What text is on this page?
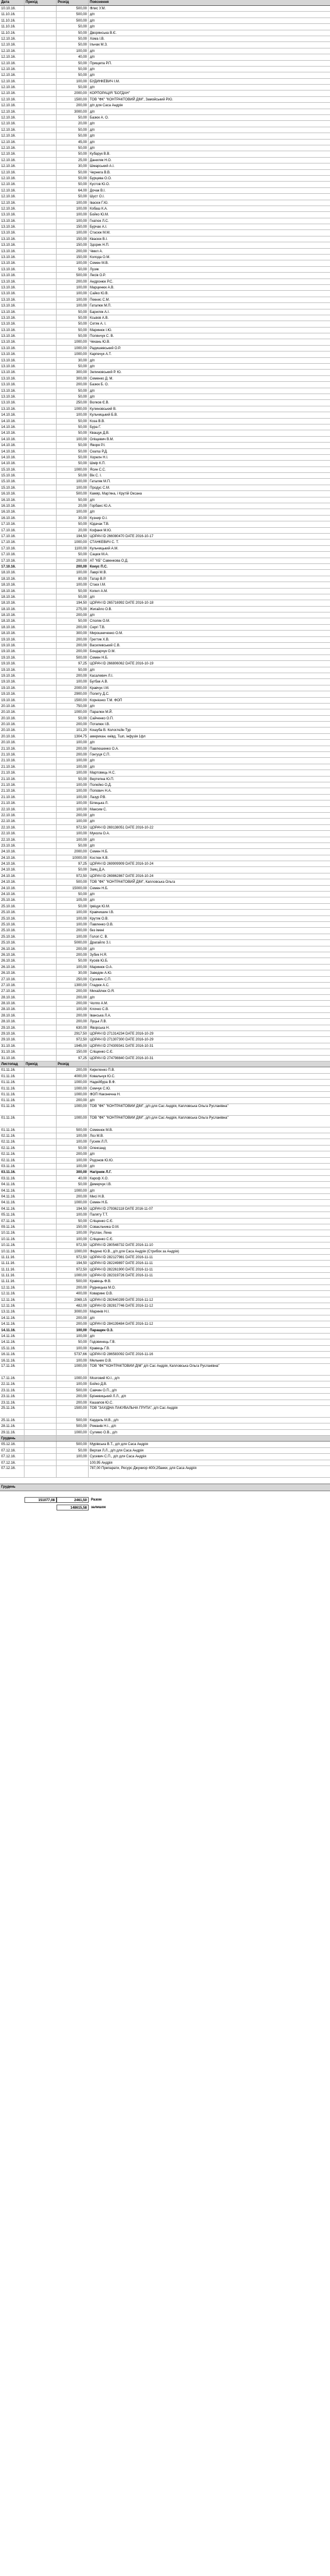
Дата	Прихід	Розхід	Пояснення
10.10.16.	500,00 Флис У.М.
11.10.16.	500,00 д/п
11.10.16.	500,00 д/п
11.10.16.	50,00 д/п
11.10.16.	50,00 Дворянська В.Є.
12.10.16.	50,00 Хома І.В.
12.10.16.	50,00 Ільчак М.З.
12.10.16.	100,00 д/п
12.10.16.	40,00 д/п
12.10.16.	50,00 Прищепа Р.П.
12.10.16.	50,00 д/п
12.10.16.	50,00 д/п
12.10.16.	100,00 БУДИНКЕВИЧ І.М.
12.10.16.	50,00 д/п
12.10.16.	2000,00 КОРПОРАЦІЯ "БОГДАН"
12.10.16.	1500,00 ТОВ "ФК" "КОНТРАКТОВИЙ ДІМ", Замойський Р.Ю.
12.10.16.	200,00 д/п для Саса Андрія
12.10.16.	3000,00 д/п
12.10.16.	50,00 Базюк А. О.
12.10.16.	20,00 д/п
12.10.16.	50,00 д/п
12.10.16.	50,00 д/п
12.10.16.	45,00 д/п
12.10.16.	50,00 д/п
12.10.16.	50,00 Кубарук В.В.
12.10.16.	25,00 Даниляк Н.О.
12.10.16.	30,00 Шмарський А.І.
12.10.16.	50,00 Чернега В.В.
12.10.16.	50,00 Бурцева О.О.
12.10.16.	50,00 Кустов Ю.О.
12.10.16.	64,00 Дочак В.І.
12.10.16.	50,00 Шуст О.І.
12.10.16.	100,00 Івасюк Г.Ю.
12.10.16.	100,00 Кобаш К.А.
13.10.16.	100,00 Бойко Ю.М.
13.10.16.	100,00 Гнатюк Л.С.
13.10.16.	150,00 Бурчак А.І.
13.10.16.	100,00 Стасюк М.М.
13.10.16.	150,00 Квасюк В.І.
13.10.16.	150,00 Здорик Н.П.
13.10.16.	200,00 Чмил А.
13.10.16.	150,00 Колода О.М.
13.10.16.	100,00 Семен М.В.
13.10.16.	50,00 Лузяк
13.10.16.	500,00 Лесів О.Р.
13.10.16.	200,00 Андронюк Р.С.
13.10.16.	100,00 Марцинюк А.В.
13.10.16.	100,00 Сайко Ю.В.
13.10.16.	100,00 Пекнис С.М.
13.10.16.	100,00 Гаталюк М.П.
13.10.16.	50,00 Бариляк А.І.
13.10.16.	50,00 Ксьвов А.В.
13.10.16.	50,00 Сетяк А. І.
13.10.16.	50,00 Маринюк І.Ю.
13.10.16.	50,00 Полянчук С. В.
13.10.16.	1000,00 Чекань Ю.В.
13.10.16.	1000,00 Радишевський О.Р.
13.10.16.	1000,00 Карпечук А.Т.
13.10.16.	30,00 д/п
13.10.16.	50,00 д/п
13.10.16.	300,00 Зелиновський Р. Ю.
13.10.16.	300,00 Семенко Д. М.
13.10.16.	200,00 Базюк Б. О.
13.10.16.	50,00 д/п
13.10.16.	50,00 д/п
13.10.16.	250,00 Волков Є.В.
13.10.16.	1000,00 Кулиновський В.
14.10.16.	100,00 Кульчицький Б.В.
14.10.16.	50,00 Коза В.В.
14.10.16.	50,00 Бура Г.
14.10.16.	50,00 Кващук Д.В.
14.10.16.	100,00 Оліщевич В.М.
14.10.16.	50,00 Яворя Р.І.
14.10.16.	50,00 Скалш Р.Д.
14.10.16.	50,00 Хорелн Н.І.
14.10.16.	50,00 Шмір К.П.
15.10.16.	1000,00 Ясин С.С.
15.10.16.	50,00 Вік С. І.
15.10.16.	100,00 Гаталяк М.П.
15.10.16.	100,00 Продус С.М.
16.10.16.	500,00 Камяр, Мар'яна, і Крутій Оксана
16.10.16.	50,00 д/п
16.10.16.	20,00 Горбанс Ю.А.
16.10.16.	100,00 д/п
16.10.16.	30,00 Кузнир О.І.
17.10.16.	50,00 Юдачак Т.В.
17.10.16.	20,00 Кофаня М.Ю.
17.10.16.	194,50 ЦОРАЧ ID 266080470 DATE 2016-10-17
17.10.16.	1000,00 СТАНКЕВИЧ С. Т.
17.10.16.	1100,00 Кульчицький А.М.
17.10.16.	50,00 Сацюк М.А.
17.10.16.	200,00 АТ "КБ" Савенкова О.Д.
17.10.16.	200,00 Кокус П.С.
18.10.16.	100,00 Лаврі М.В.
18.10.16.	80,00 Татар В.Р.
18.10.16.	100,00 Стаєк І.М.
18.10.16.	50,00 Копил А.М.
18.10.16.	50,00 д/п
18.10.16.	194,50 ЦОРАЧ ID 265716992 DATE 2016-10-18
18.10.16.	275,00 Жигайло О.В.
18.10.16.	200,00 д/п
18.10.16.	50,00 Споляк О.М.
18.10.16.	200,00 Сергі Т.В.
18.10.16.	300,00 Мирошниченко О.М.
19.10.16.	200,00 Грегтик Х.В.
19.10.16.	200,00 Василевський С.В.
19.10.16.	200,00 Бондарчук О.М.
19.10.16.	500,00 Семен Н.Б.
19.10.16.	97,25 ЦОРАЧ ID 266806062 DATE 2016-10-19
19.10.16.	50,00 д/п
19.10.16.	200,00 Касалевич Л.І.
19.10.16.	100,00 Бугбак А.В.
19.10.16.	2000,00 Кравчук І.М.
19.10.16.	2900,00 Политу Д.С.
19.10.16.	1500,00 Корнієнко Т.М. ФОП
20.10.16.	750,00 д/п
20.10.16.	1000,00 Паралюк М.Й.
20.10.16.	50,00 Сайченко О.П.
20.10.16.	200,00 Потапюк І.В.
20.10.16.	101,20 Кошуба В. Кологлєйн Тур
20.10.16.	1304,75 американ. кнівд, Тшп, інфузія 1фл
20.10.16.	100,00 д/п
21.10.16.	200,00 Павлюшенко О.А.
21.10.16.	200,00 Гонгуця С.П.
21.10.16.	100,00 д/п
21.10.16.	100,00 д/п
21.10.16.	100,00 Мартовець Н.С.
21.10.16.	50,00 Вертепна Ю.П.
21.10.16.	100,00 Полейко О.Д.
21.10.16.	100,00 Попович Н.А.
21.10.16.	100,00 Лазур Р.В.
21.10.16.	100,00 Білецька Л.
22.10.16.	100,00 Максим С.
22.10.16.	200,00 д/п
22.10.16.	100,00 д/п
22.10.16.	972,50 ЦОРАЧ ID 269138051 DATE 2016-10-22
22.10.16.	100,00 Мукола О.А.
22.10.16.	100,00 д/п
23.10.16.	50,00 д/п
24.10.16.	2000,00 Семен Н.Б.
24.10.16.	10000,00 Костюк К.В.
24.10.16.	97,25 ЦОРАЧ ID 269909909 DATE 2016-10-24
24.10.16.	50,00 Заяц Д.А.
24.10.16.	972,50 ЦОРАЧ ID 269862867 DATE 2016-10-24
24.10.16.	500,00 ТОВ "ФК" "КОНТРАКТОВИЙ ДІМ", Капловська Ольга
24.10.16.	15000,00 Семен Н.Б.
24.10.16.	50,00 д/п
25.10.16.	105,00 д/п
25.10.16.	50,00 Ірвіцук Ю.М.
25.10.16.	100,00 Кравчишин І.В.
25.10.16.	100,00 Крутяк О.В.
25.10.16.	100,00 Павленко О.В.
25.10.16.	200,00 без імені
25.10.16.	100,00 Голоп С. В.
25.10.16.	5000,00 Драгайло З.І.
26.10.16.	200,00 д/п
26.10.16.	200,00 Зубик Н.Я.
26.10.16.	50,00 Кусків Ю.Б.
26.10.16.	100,00 Маринюк О.А.
26.10.16.	30,00 Заведян А.Ю.
27.10.16.	250,00 Сусевич С.П.
27.10.16.	1300,00 Гладюк А.С.
27.10.16.	200,00 Михайлюк О.Я.
28.10.16.	200,00 д/п
28.10.16.	200,00 Чолпо А.М.
28.10.16.	100,00 Клочко С.В.
28.10.16.	200,00 Іванська Л.А.
28.10.16.	200,00 Луцьк Л.В.
29.10.16.	630,00 Яворська Н.
29.10.16.	2917,50 ЦОРАЧ ID 271314234 DATE 2016-10-29
29.10.16.	972,50 ЦОРАЧ ID 271307300 DATE 2016-10-29
31.10.16.	1945,00 ЦОРАЧ ID 274309341 DATE 2016-10-31
31.10.16.	150,00 Сліщенко С.Є.
31.10.16.	97,25 ЦОРАЧ ID 274798840 DATE 2016-10-31
Листопад Прихід	Розхід
01.11.16.	200,00 Кириленко П.В.
01.11.16.	4000,00 Ковальчук Ю.С.
01.11.16.	1000,00 Надейбура В.Ф.
01.11.16.	1000,00 Семчук С.Ю.
01.11.16.	1000,00 ФОП Наконечна Н.
01.11.16.	200,00 д/п
01.11.16.	1000,00 ТОВ "ФК" "КОНТРАКТОВИЙ ДІМ", д/п для Сас Андрія, Капловська Ольга Русланівна"
01.11.16.	1000,00 ТОВ "ФК" "КОНТРАКТОВИЙ ДІМ", д/п для Сас Андрія, Капловська Ольга Русланівна"
01.11.16.	500,00 Семенюк М.В.
02.11.16.	100,00 Лоз М.В.
02.11.16.	100,00 Гусняк Л.П.
02.11.16.	50,00 Олександ
02.11.16.	200,00 д/п
02.11.16.	100,00 Родонов Ю.Ю.
03.11.16.	100,00 д/п
03.11.16.	300,00 Нагірняк Л.Г.
03.11.16.	40,00 Кароф Х.О.
04.11.16.	50,00 Демерчук І.В.
04.11.16.	1000,00 д/п
04.11.16.	200,00 Мисі Н.В.
04.11.16.	1000,00 Семен Н.Б.
04.11.16.	194,50 ЦОРАЧ ID 279362118 DATE 2016-11-07
05.11.16.	100,00 Паляту Т.Т.
07.11.16.	50,00 Сліщенко С.Є.
09.11.16.	150,00 Соваєльчика О.М.
10.11.16.	100,00 Руслан, Лена
10.11.16.	100,00 Сліщенко С.Є.
10.11.16.	972,50 ЦОРАЧ ID 280548732 DATE 2016-11-10
10.11.16.	1000,00 Федино Ю.В., д/п для Саса Андрія (Стрибок за Андрія)
11.11.16.	972,50 ЦОРАЧ ID 282127981 DATE 2016-11-11
11.11.16.	194,50 ЦОРАЧ ID 282249897 DATE 2016-11-11
11.11.16.	972,50 ЦОРАЧ ID 282261900 DATE 2016-11-11
11.11.16.	1000,00 ЦОРАЧ ID 282319726 DATE 2016-11-11
11.11.16.	500,00 Кравець Ф.В.
12.11.16.	200,00 Руднецька М.О.
12.11.16.	400,00 Коваринк О.В.
12.11.16.	2069,15 ЦОРАЧ ID 282640289 DATE 2016-11-12
12.11.16.	482,00 ЦОРАЧ ID 282817746 DATE 2016-11-12
13.11.16.	3000,00 Маринів Н.І.
14.11.16.	200,00 д/п
14.11.16.	200,00 ЦОРАЧ ID 284139484 DATE 2016-11-12
14.11.16.	100,00 Паращин О.З.
14.11.16.	100,00 д/п
14.11.16.	50,00 Годовинець Г.В.
15.11.16.	100,00 Кравець Г.В.
16.11.16.	5737,66 ЦОРАЧ ID 286583092 DATE 2016-11-16
16.11.16.	100,00 Мельник О.В.
17.11.16.	1000,00 ТОВ "ФК""КОНТРАКТОВИЙ ДІМ" д/п Сас Андрія, Капловська Ольга Русланівна"
17.11.16.	1000,00 Мозговий Ю.І., д/п
22.11.16.	100,00 Бойко Д.В.
23.11.16.	500,00 Савчин О.П., д/п
23.11.16.	200,00 Бріневицький Л.Л., д/п
23.11.16.	200,00 Кашапов Ю.С.
25.11.16.	1500,00 ТОВ "ЗАХІДНА ПАКУВАЛЬНА ГРУПА", д/п Сас Андрія
25.11.16.	500,00 Кардель М.В., д/п
28.11.16.	500,00 Романів Н.І., д/п
29.11.16.	1000,00 Сулимо О.В., д/п
Грудень
05.12.16.	500,00 Мурівська В.Т., д/п для Саса Андрія
07.12.16.	50,00 Вергая Л.Л., д/п для Саса Андрія
07.12.16.	100,00 Сусевич С.П., д/п для Саса Андрія
07.12.16.	100,95 Андрія
07.12.16.	787,00 Препарати, Ресурс Джуниор 400г,2банки, для Саса Андрія
Грудень
151077,08	2461,50	Разом
148615,58	залишок
